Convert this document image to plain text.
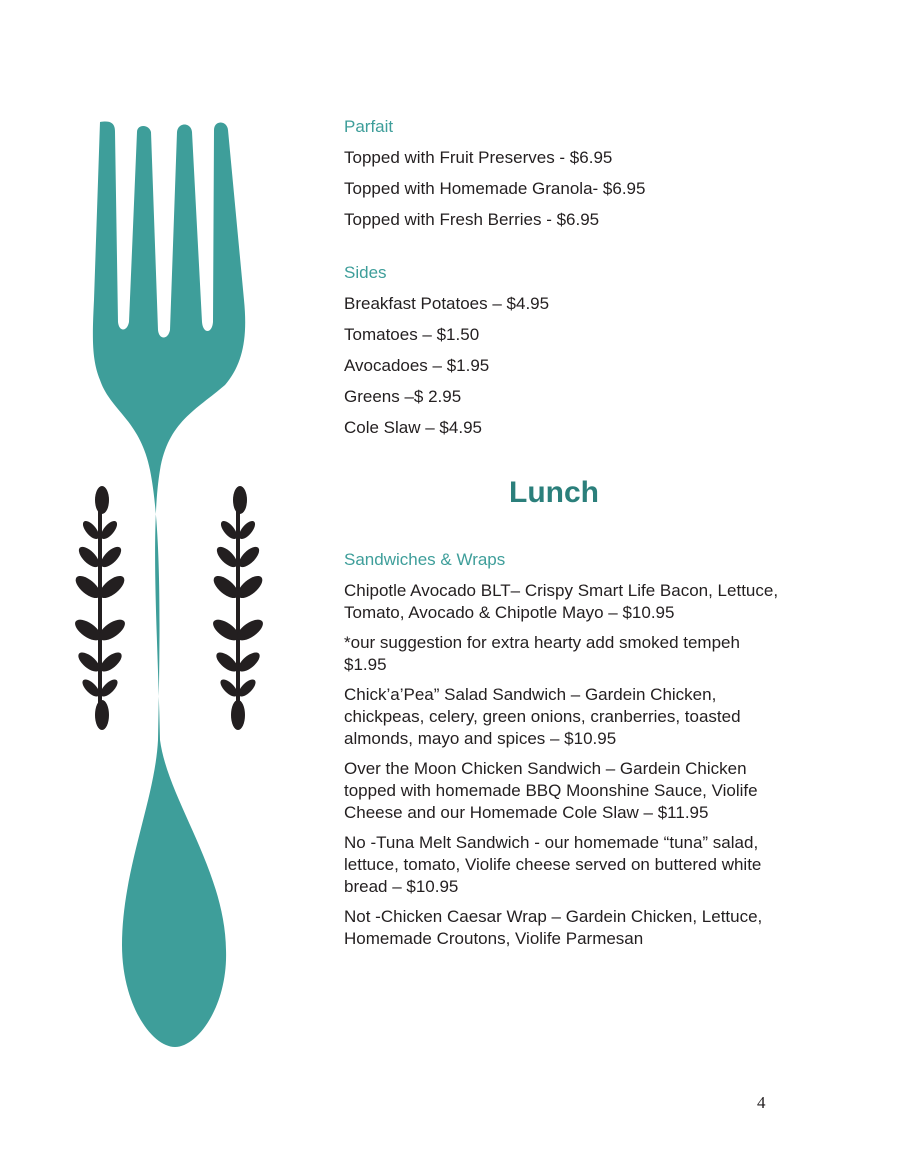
Parfait
Topped with Fruit Preserves - $6.95
Topped with Homemade Granola- $6.95
Topped with Fresh Berries - $6.95
Sides
Breakfast Potatoes – $4.95
Tomatoes – $1.50
Avocadoes – $1.95
Greens –$ 2.95
Cole Slaw – $4.95
Lunch
Sandwiches & Wraps
Chipotle Avocado BLT– Crispy Smart Life Bacon, Lettuce, Tomato, Avocado & Chipotle Mayo – $10.95
*our suggestion for extra hearty add smoked tempeh $1.95
Chick’a’Pea” Salad Sandwich – Gardein Chicken, chickpeas, celery, green onions, cranberries, toasted almonds, mayo and spices – $10.95
Over the Moon Chicken Sandwich – Gardein Chicken topped with homemade BBQ Moonshine Sauce, Violife Cheese and our Homemade Cole Slaw – $11.95
No -Tuna Melt Sandwich - our homemade “tuna” salad, lettuce, tomato, Violife cheese served on buttered white bread – $10.95
Not -Chicken Caesar Wrap – Gardein Chicken, Lettuce, Homemade Croutons, Violife Parmesan
4
